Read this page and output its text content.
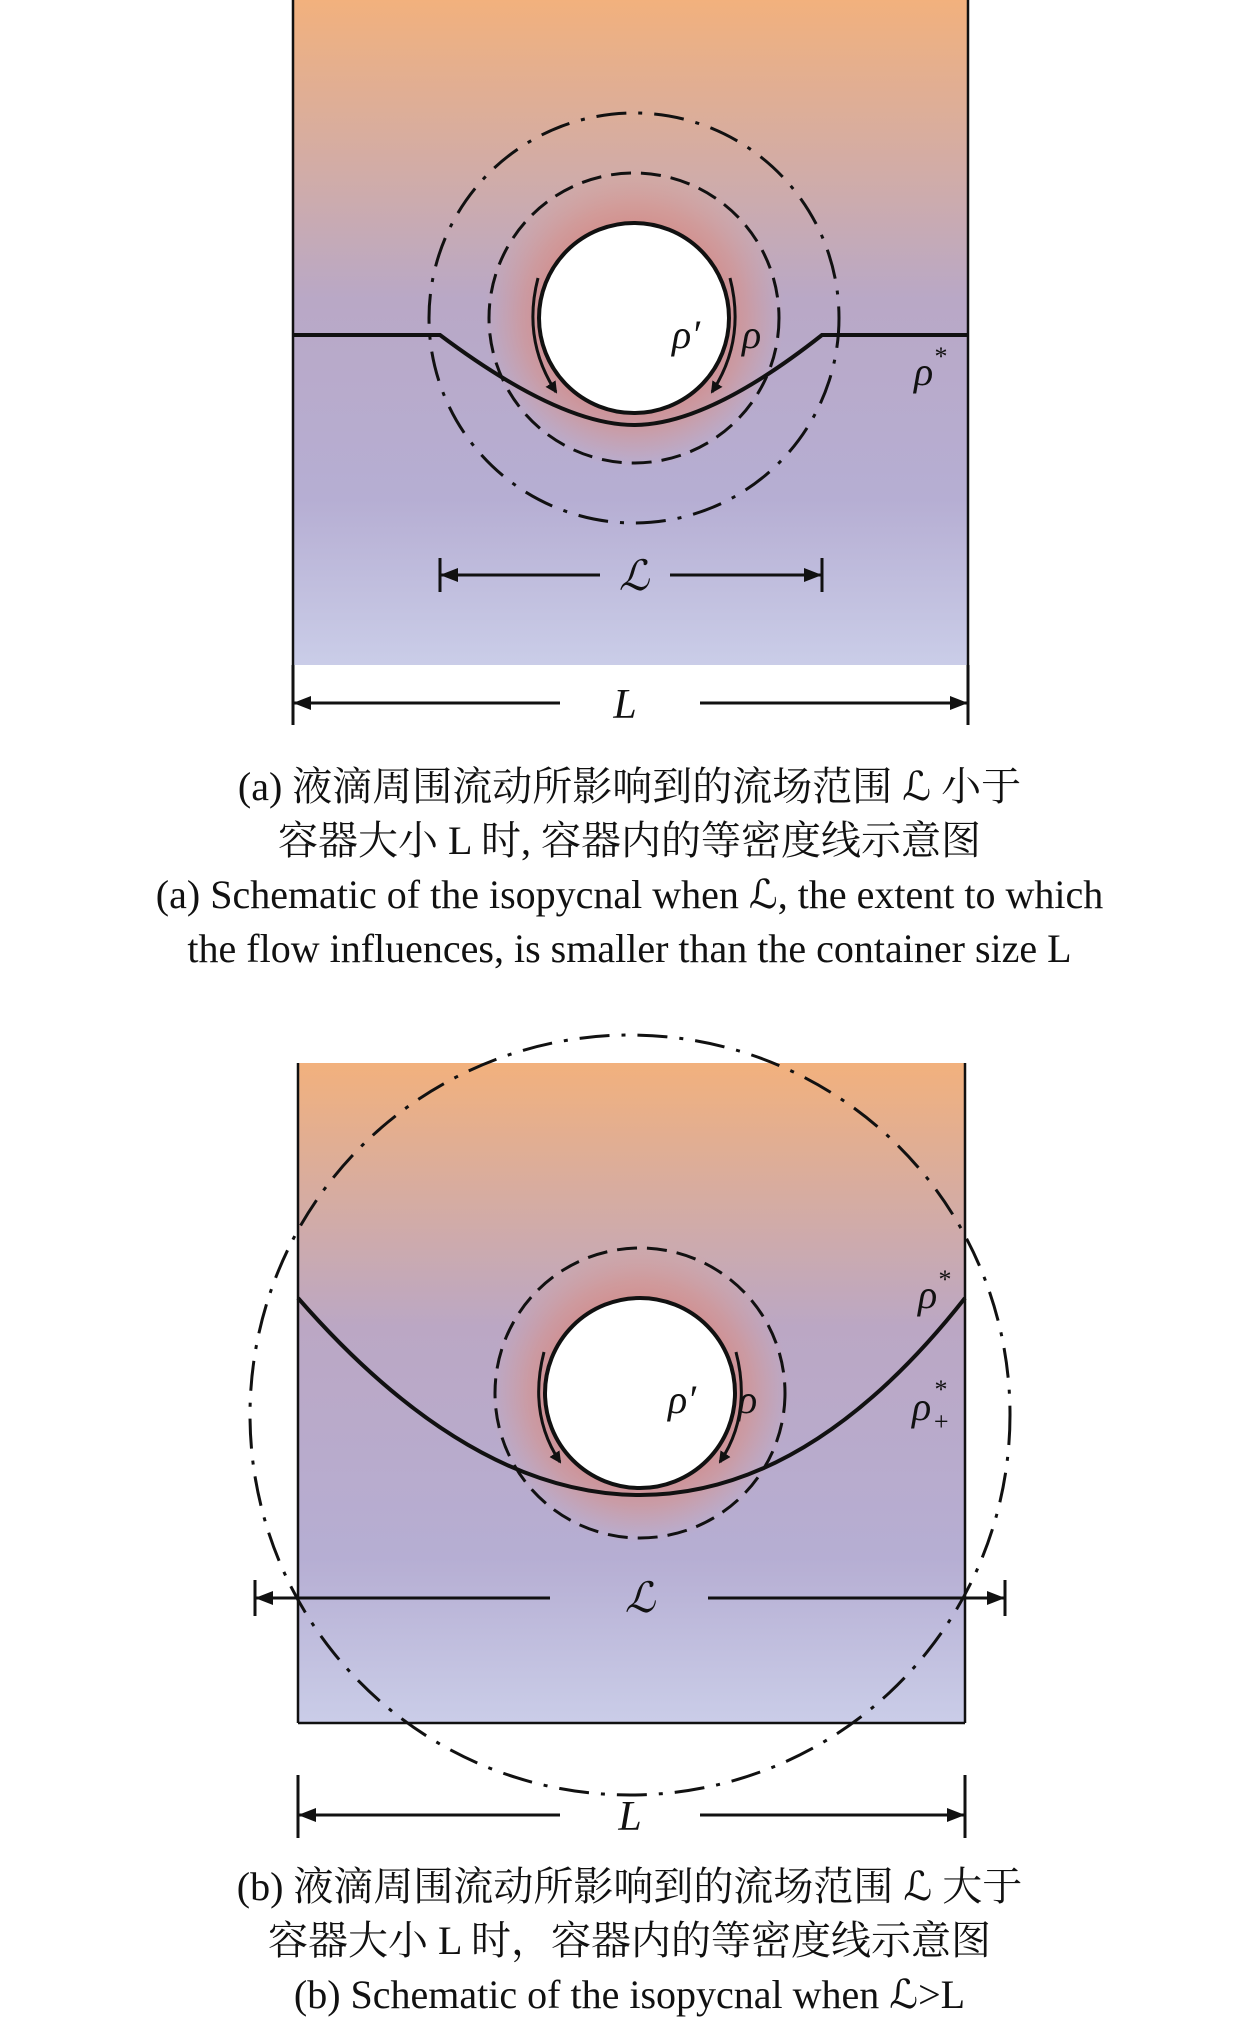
ρ′ ρ
ρ*
ℒ
L
ρ′ ρ
ρ*
ρ* +
ℒ
L
(a) 液滴周围流动所影响到的流场范围 ℒ 小于
容器大小 L 时, 容器内的等密度线示意图
(a) Schematic of the isopycnal when ℒ, the extent to which
the flow influences, is smaller than the container size L
(b) 液滴周围流动所影响到的流场范围 ℒ 大于
容器大小 L 时，容器内的等密度线示意图
(b) Schematic of the isopycnal when ℒ>L
